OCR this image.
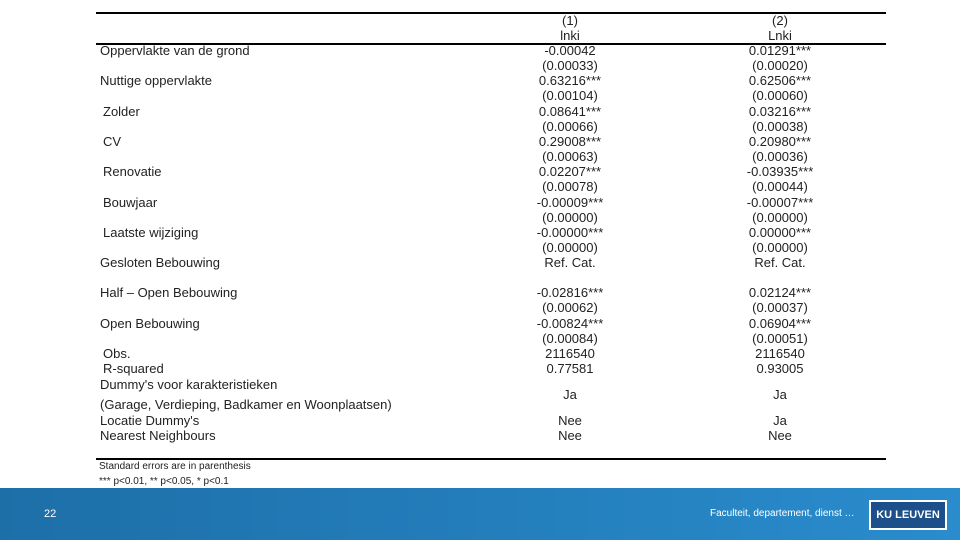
(1)
lnki
(2)
Lnki
Oppervlakte van de grond
Nuttige oppervlakte
Zolder
CV
Renovatie
Bouwjaar
Laatste wijziging
Gesloten Bebouwing
Half – Open Bebouwing
Open Bebouwing
Obs.
R-squared
Dummy's voor karakteristieken
(Garage, Verdieping, Badkamer en Woonplaatsen)
Locatie Dummy's
Nearest Neighbours
-0.00042
(0.00033)
0.63216***
(0.00104)
0.08641***
(0.00066)
0.29008***
(0.00063)
0.02207***
(0.00078)
-0.00009***
(0.00000)
-0.00000***
(0.00000)
Ref. Cat.
-0.02816***
(0.00062)
-0.00824***
(0.00084)
2116540
0.77581
Ja
Nee
Nee
0.01291***
(0.00020)
0.62506***
(0.00060)
0.03216***
(0.00038)
0.20980***
(0.00036)
-0.03935***
(0.00044)
-0.00007***
(0.00000)
0.00000***
(0.00000)
Ref. Cat.
0.02124***
(0.00037)
0.06904***
(0.00051)
2116540
0.93005
Ja
Ja
Nee
Standard errors are in parenthesis
*** p<0.01, ** p<0.05, * p<0.1
22	Faculteit, departement, dienst …	KU LEUVEN
